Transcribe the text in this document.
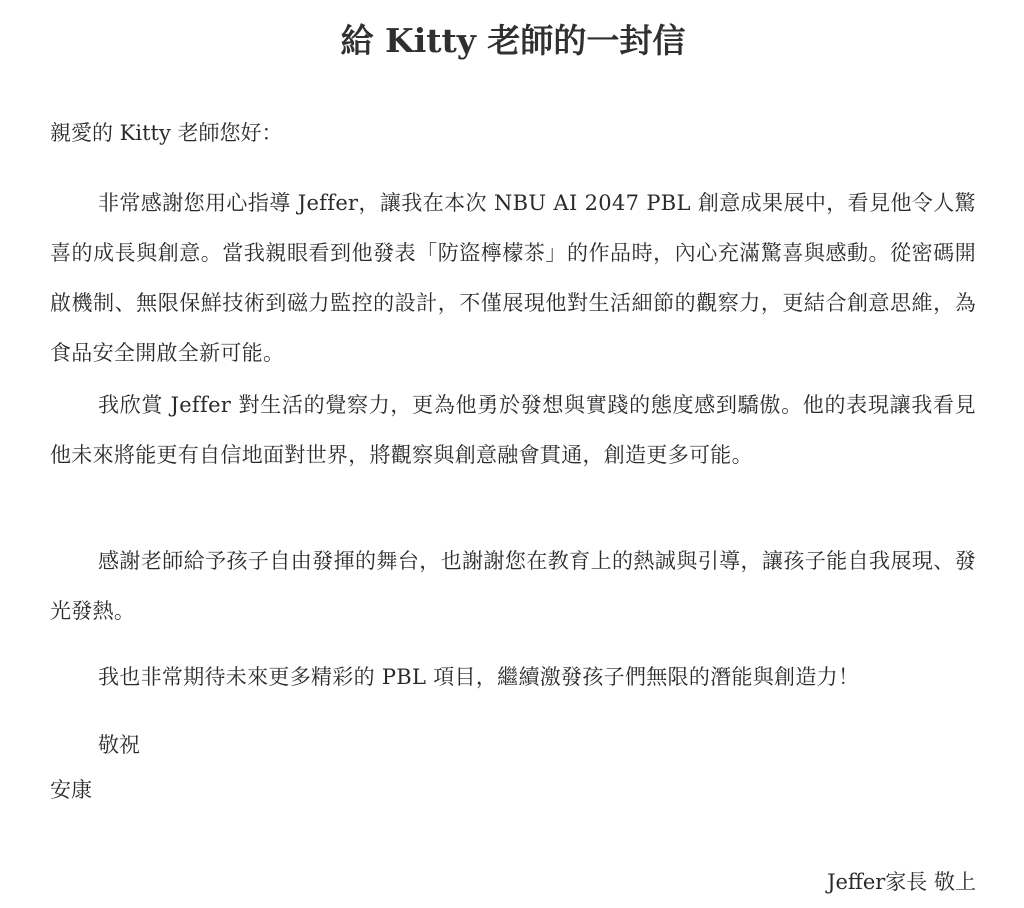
給 Kitty 老師的一封信
親愛的 Kitty 老師您好：
非常感謝您用心指導 Jeffer，讓我在本次 NBU AI 2047 PBL 創意成果展中，看見他令人驚喜的成長與創意。當我親眼看到他發表「防盜檸檬茶」的作品時，內心充滿驚喜與感動。從密碼開啟機制、無限保鮮技術到磁力監控的設計，不僅展現他對生活細節的觀察力，更結合創意思維，為食品安全開啟全新可能。
我欣賞 Jeffer 對生活的覺察力，更為他勇於發想與實踐的態度感到驕傲。他的表現讓我看見他未來將能更有自信地面對世界，將觀察與創意融會貫通，創造更多可能。
感謝老師給予孩子自由發揮的舞台，也謝謝您在教育上的熱誠與引導，讓孩子能自我展現、發光發熱。
我也非常期待未來更多精彩的 PBL 項目，繼續激發孩子們無限的潛能與創造力！
敬祝
安康
Jeffer家長 敬上
